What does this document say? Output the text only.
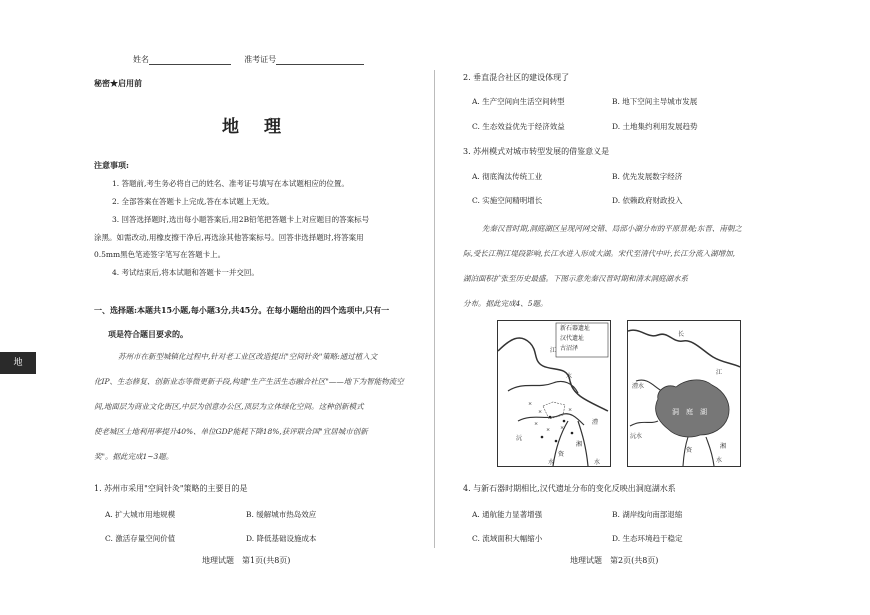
地
姓名	准考证号
秘密★启用前
地　理
注意事项:
1. 答题前,考生务必将自己的姓名、准考证号填写在本试题相应的位置。
2. 全部答案在答题卡上完成,答在本试题上无效。
3. 回答选择题时,选出每小题答案后,用2B铅笔把答题卡上对应题目的答案标号
涂黑。如需改动,用橡皮擦干净后,再选涂其他答案标号。回答非选择题时,将答案用
0.5mm黑色笔迹签字笔写在答题卡上。
4. 考试结束后,将本试题和答题卡一并交回。
一、选择题:本题共15小题,每小题3分,共45分。在每小题给出的四个选项中,只有一
项是符合题目要求的。
苏州市在新型城镇化过程中,针对老工业区改造提出"空间针灸"策略:通过植入文
化IP、生态修复、创新业态等微更新手段,构建"生产生活生态融合社区"——地下为智能物流空
间,地面层为商业文化街区,中层为创意办公区,顶层为立体绿化空间。这种创新模式
使老城区土地利用率提升40%、单位GDP能耗下降18%,获评联合国"宜居城市创新
奖"。据此完成1~3题。
1. 苏州市采用"空间针灸"策略的主要目的是
A. 扩大城市用地规模	B. 缓解城市热岛效应
C. 激活存量空间价值	D. 降低基础设施成本
地理试题　第1页(共8页)
2. 垂直混合社区的建设体现了
A. 生产空间向生活空间转型	B. 地下空间主导城市发展
C. 生态效益优先于经济效益	D. 土地集约利用发展趋势
3. 苏州模式对城市转型发展的借鉴意义是
A. 彻底淘汰传统工业	B. 优先发展数字经济
C. 实施空间精明增长	D. 依赖政府财政投入
先秦汉晋时期,洞庭湖区呈现河网交错、局部小湖分布的平原景观;东晋、南朝之
际,受长江荆江堤段影响,长江水进入形成大湖。宋代至清代中叶,长江分流入湖增加,
湖泊面积扩张至历史最盛。下图示意先秦汉晋时期和清末洞庭湖水系
分布。据此完成4、5题。
×
×
×
×
×
×
新石器遗址
汉代遗址
古沼泽
江
水
湘
沅
资
澧
水	水
长
江
澧水
沅水
洞　庭　湖
资
湘
水
4. 与新石器时期相比,汉代遗址分布的变化反映出洞庭湖水系
A. 通航能力显著增强	B. 湖岸线向南部退缩
C. 流域面积大幅缩小	D. 生态环境趋于稳定
地理试题　第2页(共8页)
